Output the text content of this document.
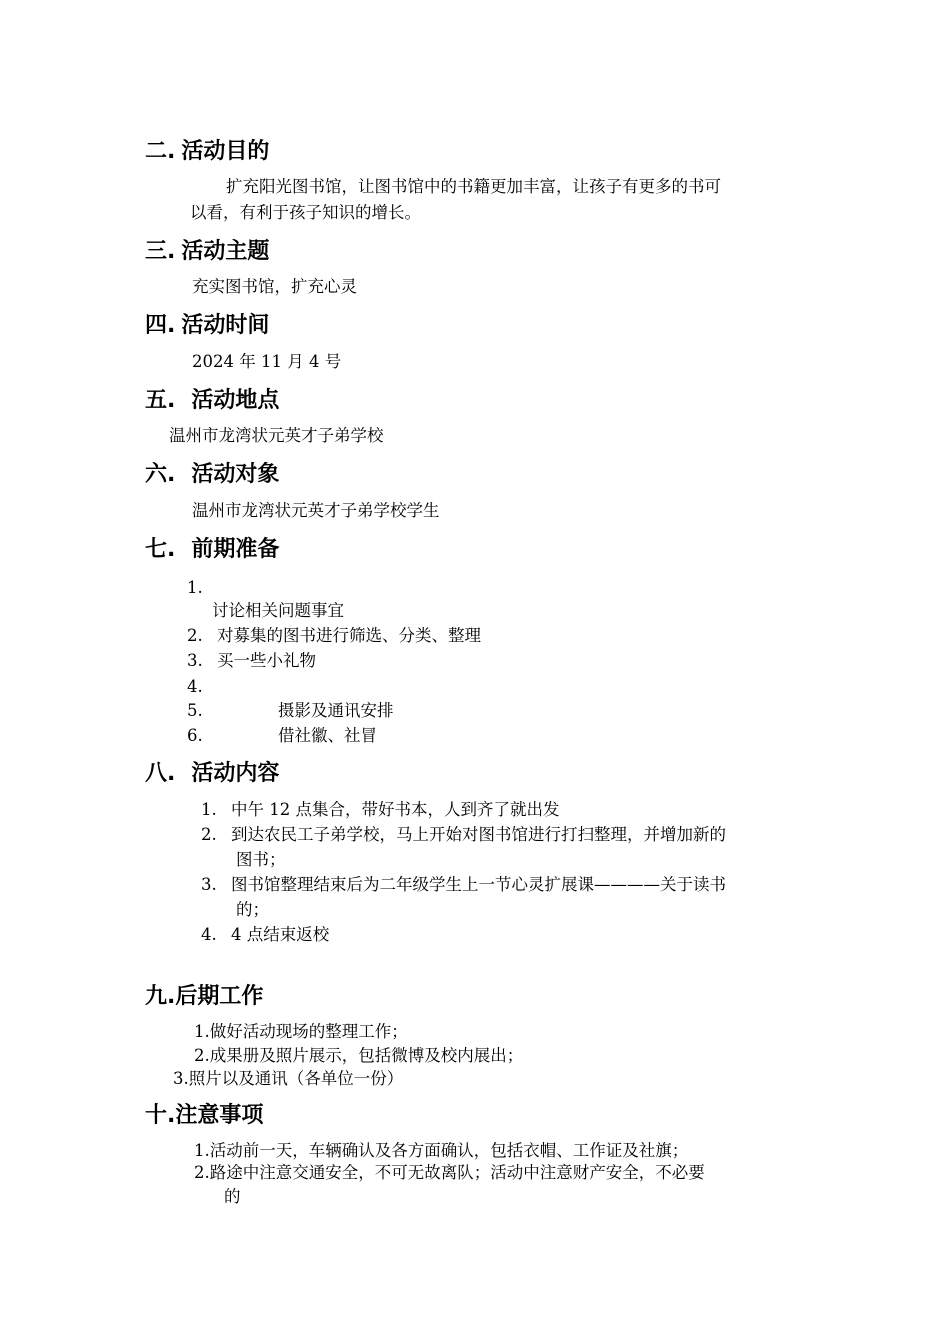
二. 活动目的
扩充阳光图书馆，让图书馆中的书籍更加丰富，让孩子有更多的书可
以看，有利于孩子知识的增长。
三. 活动主题
充实图书馆，扩充心灵
四. 活动时间
2024 年 11 月 4 号
五. 活动地点
温州市龙湾状元英才子弟学校
六. 活动对象
温州市龙湾状元英才子弟学校学生
七. 前期准备
1.
讨论相关问题事宜
2. 对募集的图书进行筛选、分类、整理
3. 买一些小礼物
4.
5.	摄影及通讯安排
6.	借社徽、社冒
八. 活动内容
1. 中午 12 点集合，带好书本，人到齐了就出发
2. 到达农民工子弟学校，马上开始对图书馆进行打扫整理，并增加新的
图书；
3. 图书馆整理结束后为二年级学生上一节心灵扩展课————关于读书
的；
4. 4 点结束返校
九.后期工作
1.做好活动现场的整理工作；
2.成果册及照片展示，包括微博及校内展出；
3.照片以及通讯（各单位一份）
十.注意事项
1.活动前一天，车辆确认及各方面确认，包括衣帽、工作证及社旗；
2.路途中注意交通安全，不可无故离队；活动中注意财产安全，不必要
的
